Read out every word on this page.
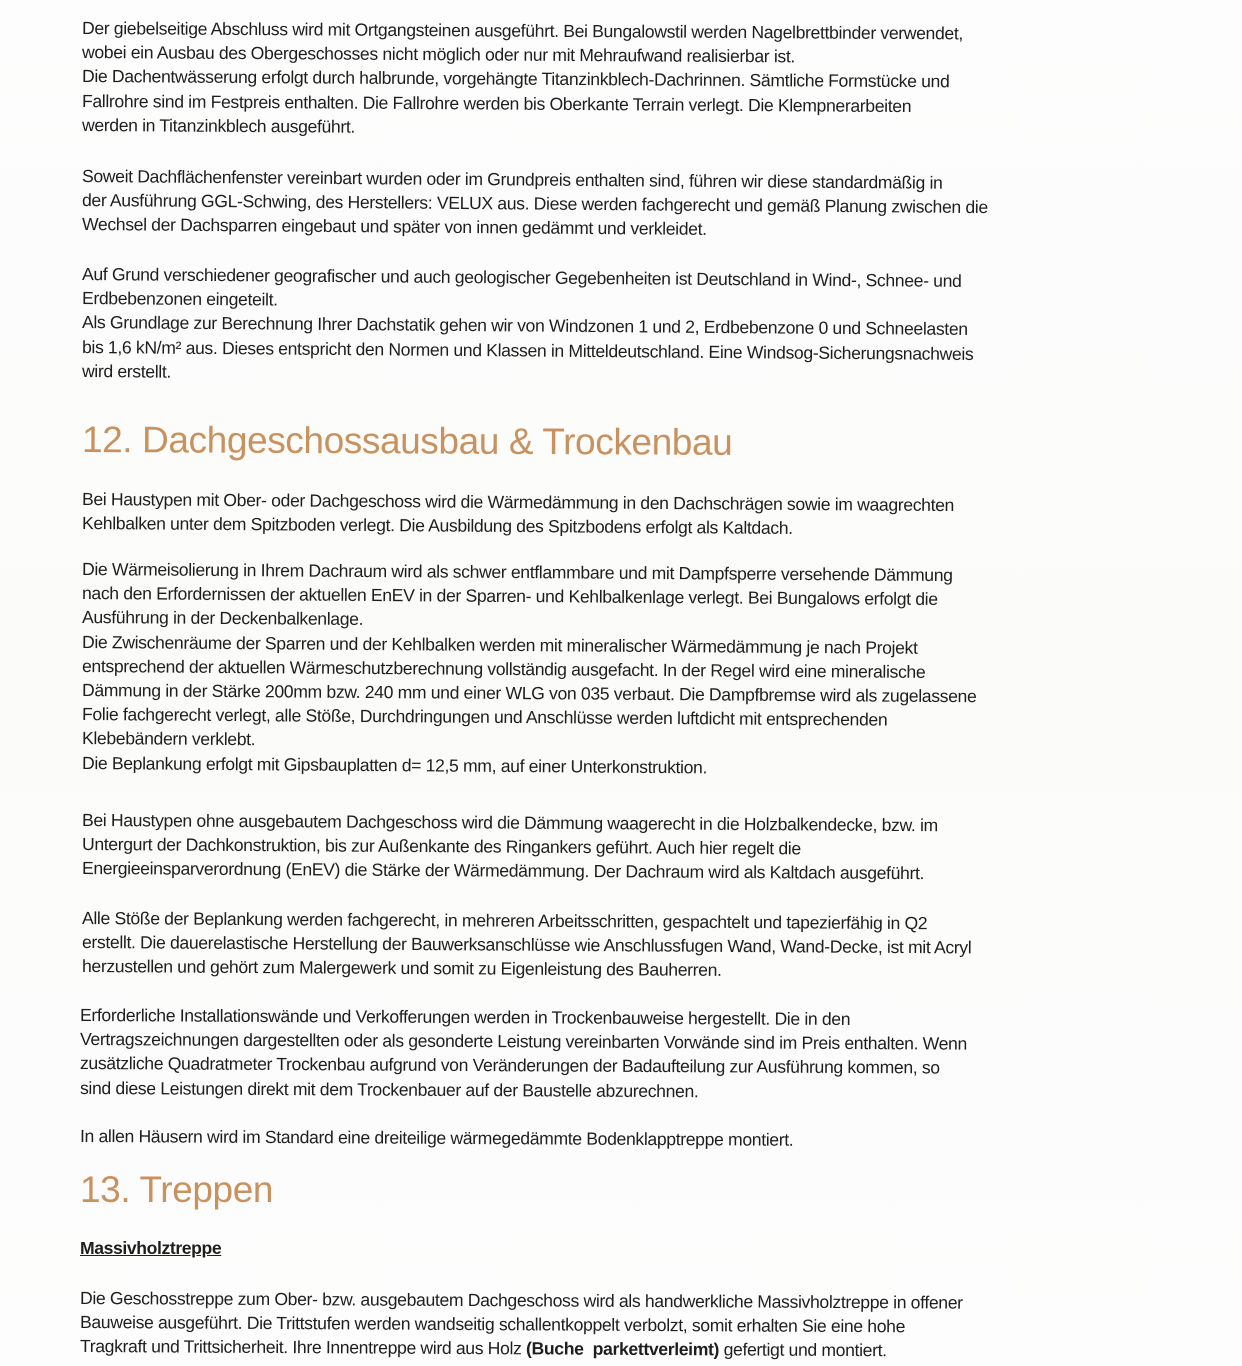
Der giebelseitige Abschluss wird mit Ortgangsteinen ausgeführt. Bei Bungalowstil werden Nagelbrettbinder verwendet,
wobei ein Ausbau des Obergeschosses nicht möglich oder nur mit Mehraufwand realisierbar ist.
Die Dachentwässerung erfolgt durch halbrunde, vorgehängte Titanzinkblech-Dachrinnen. Sämtliche Formstücke und
Fallrohre sind im Festpreis enthalten. Die Fallrohre werden bis Oberkante Terrain verlegt. Die Klempnerarbeiten
werden in Titanzinkblech ausgeführt.
Soweit Dachflächenfenster vereinbart wurden oder im Grundpreis enthalten sind, führen wir diese standardmäßig in
der Ausführung GGL-Schwing, des Herstellers: VELUX aus. Diese werden fachgerecht und gemäß Planung zwischen die
Wechsel der Dachsparren eingebaut und später von innen gedämmt und verkleidet.
Auf Grund verschiedener geografischer und auch geologischer Gegebenheiten ist Deutschland in Wind-, Schnee- und
Erdbebenzonen eingeteilt.
Als Grundlage zur Berechnung Ihrer Dachstatik gehen wir von Windzonen 1 und 2, Erdbebenzone 0 und Schneelasten
bis 1,6 kN/m² aus. Dieses entspricht den Normen und Klassen in Mitteldeutschland. Eine Windsog-Sicherungsnachweis
wird erstellt.
12. Dachgeschossausbau & Trockenbau
Bei Haustypen mit Ober- oder Dachgeschoss wird die Wärmedämmung in den Dachschrägen sowie im waagrechten
Kehlbalken unter dem Spitzboden verlegt. Die Ausbildung des Spitzbodens erfolgt als Kaltdach.
Die Wärmeisolierung in Ihrem Dachraum wird als schwer entflammbare und mit Dampfsperre versehende Dämmung
nach den Erfordernissen der aktuellen EnEV in der Sparren- und Kehlbalkenlage verlegt. Bei Bungalows erfolgt die
Ausführung in der Deckenbalkenlage.
Die Zwischenräume der Sparren und der Kehlbalken werden mit mineralischer Wärmedämmung je nach Projekt
entsprechend der aktuellen Wärmeschutzberechnung vollständig ausgefacht. In der Regel wird eine mineralische
Dämmung in der Stärke 200mm bzw. 240 mm und einer WLG von 035 verbaut. Die Dampfbremse wird als zugelassene
Folie fachgerecht verlegt, alle Stöße, Durchdringungen und Anschlüsse werden luftdicht mit entsprechenden
Klebebändern verklebt.
Die Beplankung erfolgt mit Gipsbauplatten d= 12,5 mm, auf einer Unterkonstruktion.
Bei Haustypen ohne ausgebautem Dachgeschoss wird die Dämmung waagerecht in die Holzbalkendecke, bzw. im
Untergurt der Dachkonstruktion, bis zur Außenkante des Ringankers geführt. Auch hier regelt die
Energieeinsparverordnung (EnEV) die Stärke der Wärmedämmung. Der Dachraum wird als Kaltdach ausgeführt.
Alle Stöße der Beplankung werden fachgerecht, in mehreren Arbeitsschritten, gespachtelt und tapezierfähig in Q2
erstellt. Die dauerelastische Herstellung der Bauwerksanschlüsse wie Anschlussfugen Wand, Wand-Decke, ist mit Acryl
herzustellen und gehört zum Malergewerk und somit zu Eigenleistung des Bauherren.
Erforderliche Installationswände und Verkofferungen werden in Trockenbauweise hergestellt. Die in den
Vertragszeichnungen dargestellten oder als gesonderte Leistung vereinbarten Vorwände sind im Preis enthalten. Wenn
zusätzliche Quadratmeter Trockenbau aufgrund von Veränderungen der Badaufteilung zur Ausführung kommen, so
sind diese Leistungen direkt mit dem Trockenbauer auf der Baustelle abzurechnen.
In allen Häusern wird im Standard eine dreiteilige wärmegedämmte Bodenklapptreppe montiert.
13. Treppen
Massivholztreppe
Die Geschosstreppe zum Ober- bzw. ausgebautem Dachgeschoss wird als handwerkliche Massivholztreppe in offener
Bauweise ausgeführt. Die Trittstufen werden wandseitig schallentkoppelt verbolzt, somit erhalten Sie eine hohe
Tragkraft und Trittsicherheit. Ihre Innentreppe wird aus Holz (Buche  parkettverleimt) gefertigt und montiert.
